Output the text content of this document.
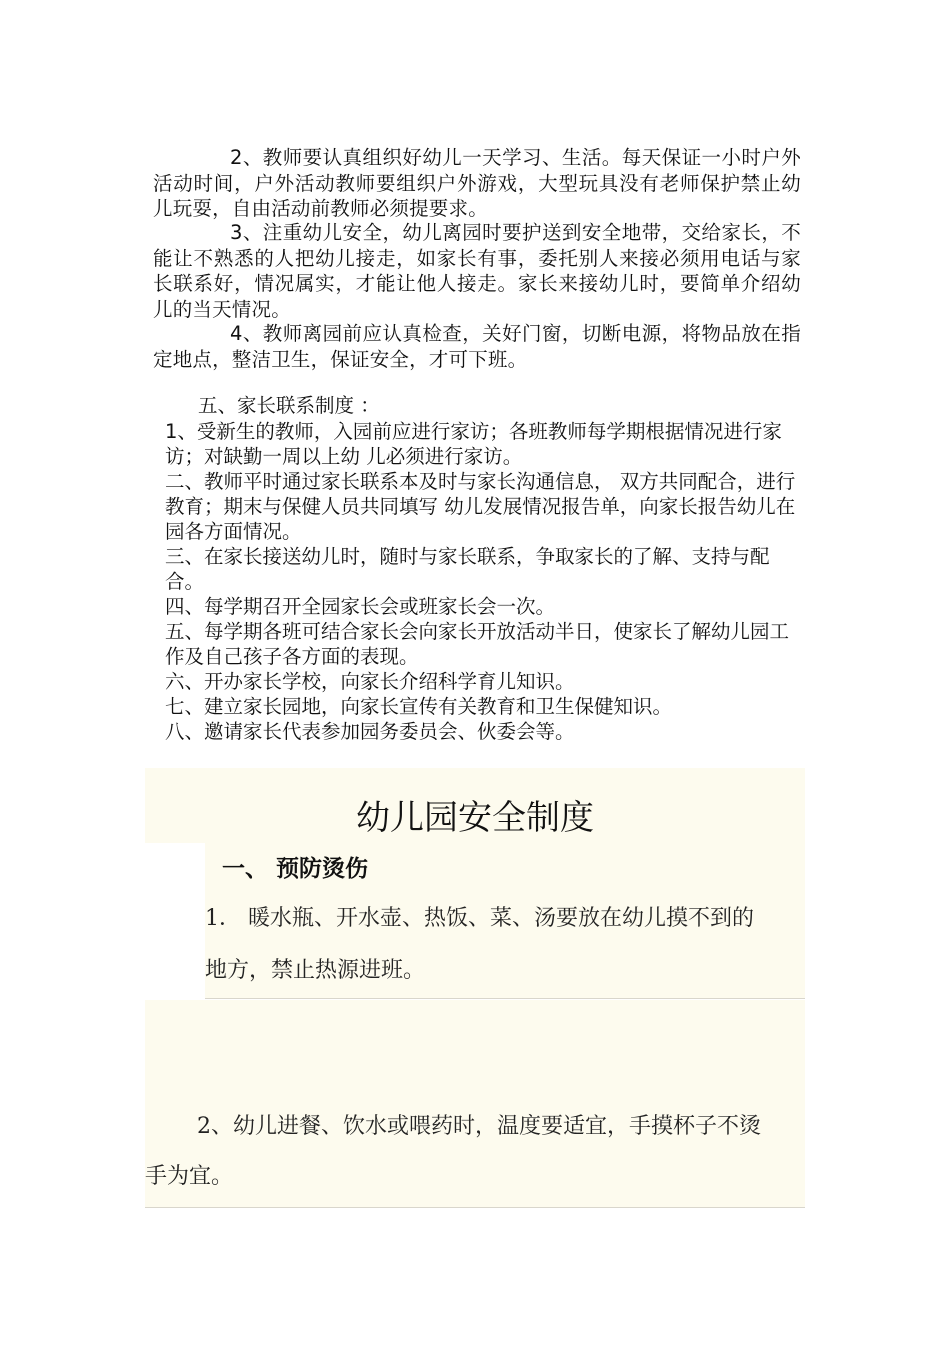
2、教师要认真组织好幼儿一天学习、生活。每天保证一小时户外活动时间，户外活动教师要组织户外游戏，大型玩具没有老师保护禁止幼儿玩耍，自由活动前教师必须提要求。
3、注重幼儿安全，幼儿离园时要护送到安全地带，交给家长，不能让不熟悉的人把幼儿接走，如家长有事，委托别人来接必须用电话与家长联系好，情况属实，才能让他人接走。家长来接幼儿时，要简单介绍幼儿的当天情况。
4、教师离园前应认真检查，关好门窗，切断电源，将物品放在指定地点，整洁卫生，保证安全，才可下班。
五、家长联系制度 ：
1、受新生的教师，入园前应进行家访；各班教师每学期根据情况进行家访；对缺勤一周以上幼 儿必须进行家访。
二、教师平时通过家长联系本及时与家长沟通信息， 双方共同配合，进行教育；期末与保健人员共同填写 幼儿发展情况报告单，向家长报告幼儿在园各方面情况。
三、在家长接送幼儿时，随时与家长联系，争取家长的了解、支持与配合。
四、每学期召开全园家长会或班家长会一次。
五、每学期各班可结合家长会向家长开放活动半日，使家长了解幼儿园工作及自己孩子各方面的表现。
六、开办家长学校，向家长介绍科学育儿知识。
七、建立家长园地，向家长宣传有关教育和卫生保健知识。
八、邀请家长代表参加园务委员会、伙委会等。
幼儿园安全制度
一、 预防烫伤
1． 暖水瓶、开水壶、热饭、菜、汤要放在幼儿摸不到的
地方，禁止热源进班。
2、幼儿进餐、饮水或喂药时，温度要适宜，手摸杯子不烫
手为宜。
